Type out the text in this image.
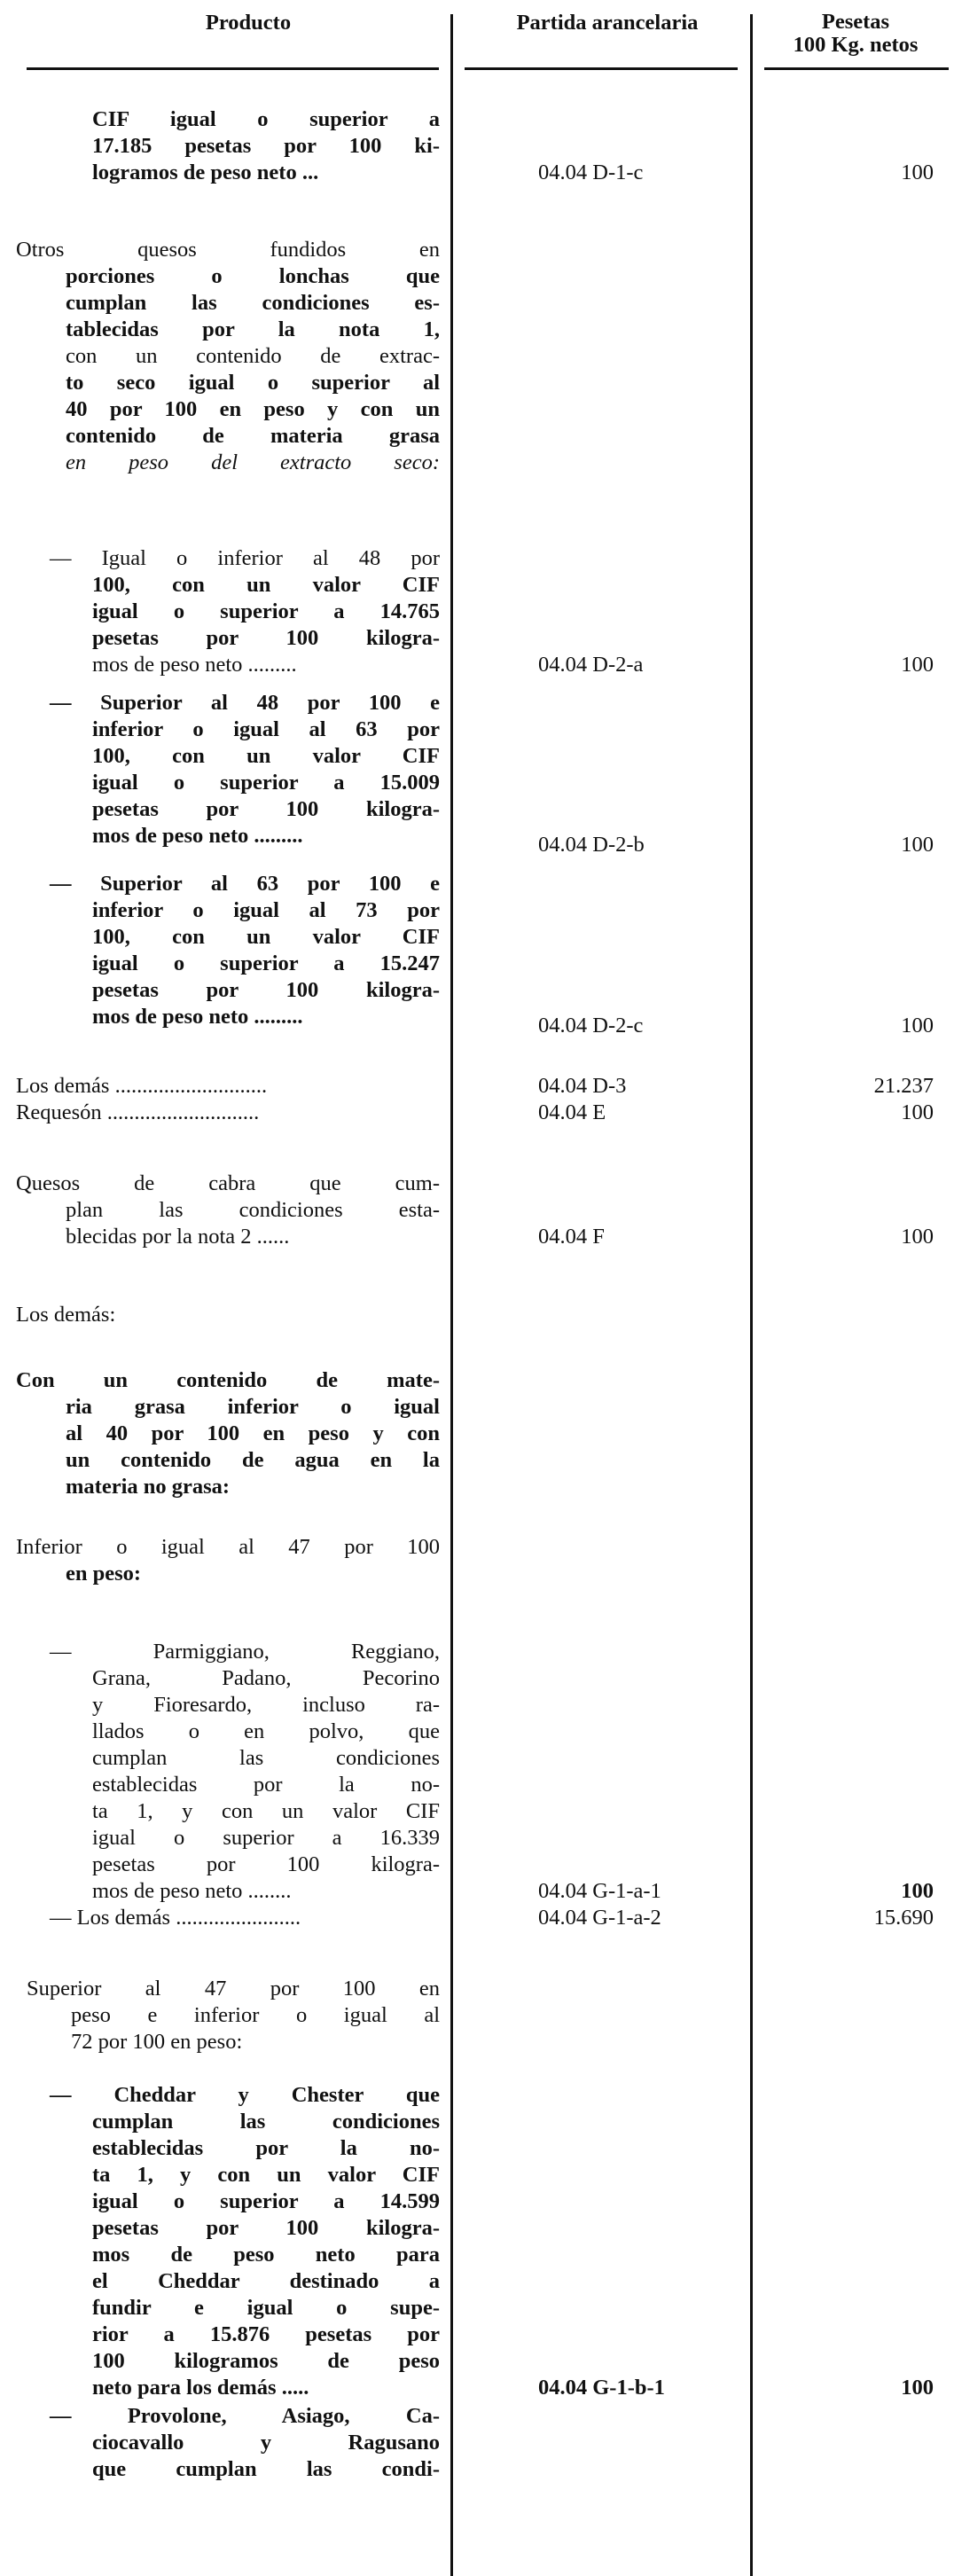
Producto	Partida arancelaria	Pesetas
100 Kg. netos
CIF igual o superior a
17.185 pesetas por 100 ki-
logramos de peso neto ...
Otros quesos fundidos en
porciones o lonchas que
cumplan las condiciones es-
tablecidas por la nota 1,
con un contenido de extrac-
to seco igual o superior al
40 por 100 en peso y con un
contenido de materia grasa
en peso del extracto seco:
— Igual o inferior al 48 por
100, con un valor CIF
igual o superior a 14.765
pesetas por 100 kilogra-
mos de peso neto .........
— Superior al 48 por 100 e
inferior o igual al 63 por
100, con un valor CIF
igual o superior a 15.009
pesetas por 100 kilogra-
mos de peso neto .........
— Superior al 63 por 100 e
inferior o igual al 73 por
100, con un valor CIF
igual o superior a 15.247
pesetas por 100 kilogra-
mos de peso neto .........
Los demás ............................
Requesón ............................
Quesos de cabra que cum-
plan las condiciones esta-
blecidas por la nota 2 ......
Los demás:
Con un contenido de mate-
ria grasa inferior o igual
al 40 por 100 en peso y con
un contenido de agua en la
materia no grasa:
Inferior o igual al 47 por 100
en peso:
— Parmiggiano, Reggiano,
Grana, Padano, Pecorino
y Fioresardo, incluso ra-
llados o en polvo, que
cumplan las condiciones
establecidas por la no-
ta 1, y con un valor CIF
igual o superior a 16.339
pesetas por 100 kilogra-
mos de peso neto ........
— Los demás .......................
Superior al 47 por 100 en
peso e inferior o igual al
72 por 100 en peso:
— Cheddar y Chester que
cumplan las condiciones
establecidas por la no-
ta 1, y con un valor CIF
igual o superior a 14.599
pesetas por 100 kilogra-
mos de peso neto para
el Cheddar destinado a
fundir e igual o supe-
rior a 15.876 pesetas por
100 kilogramos de peso
neto para los demás .....
— Provolone, Asiago, Ca-
ciocavallo y Ragusano
que cumplan las condi-
04.04 D-1-c
04.04 D-2-a
04.04 D-2-b
04.04 D-2-c
04.04 D-3
04.04 E
04.04 F
04.04 G-1-a-1
04.04 G-1-a-2
04.04 G-1-b-1
100
100
100
100
21.237
100
100
100
15.690
100
